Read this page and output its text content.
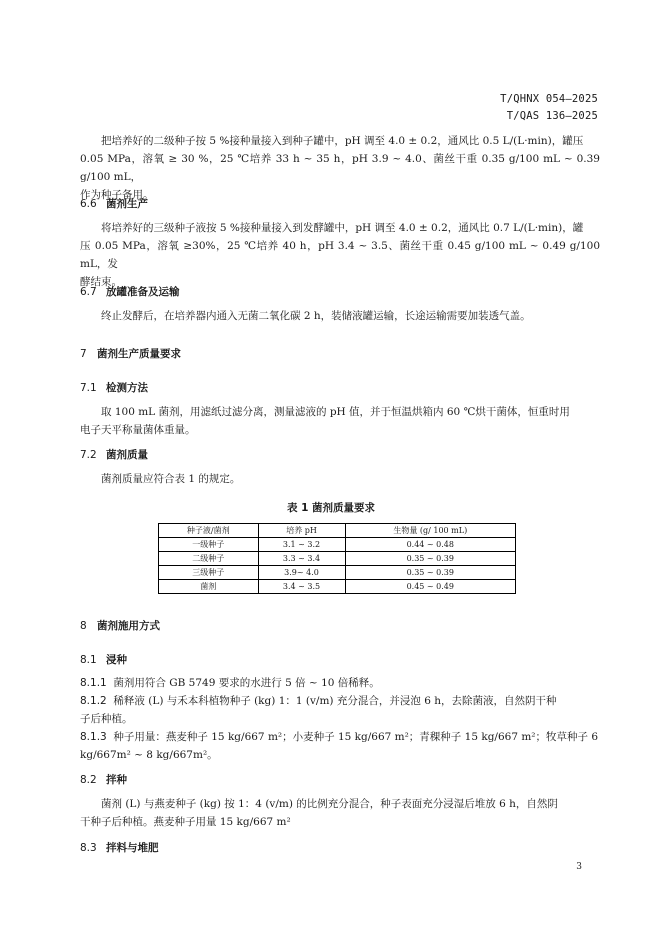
T/QHNX 054—2025
T/QAS 136—2025
把培养好的二级种子按 5 %接种量接入到种子罐中，pH 调至 4.0 ± 0.2，通风比 0.5 L/(L·min)，罐压
0.05 MPa，溶氧 ≥ 30 %，25 ℃培养 33 h ~ 35 h，pH 3.9 ~ 4.0、菌丝干重 0.35 g/100 mL ~ 0.39 g/100 mL，
作为种子备用。
6.6 菌剂生产
将培养好的三级种子液按 5 %接种量接入到发酵罐中，pH 调至 4.0 ± 0.2，通风比 0.7 L/(L·min)，罐
压 0.05 MPa，溶氧 ≥30%，25 ℃培养 40 h，pH 3.4 ~ 3.5、菌丝干重 0.45 g/100 mL ~ 0.49 g/100 mL，发
酵结束。
6.7 放罐准备及运输
终止发酵后，在培养器内通入无菌二氧化碳 2 h，装储液罐运输，长途运输需要加装透气盖。
7 菌剂生产质量要求
7.1 检测方法
取 100 mL 菌剂，用滤纸过滤分离，测量滤液的 pH 值，并于恒温烘箱内 60 ℃烘干菌体，恒重时用
电子天平称量菌体重量。
7.2 菌剂质量
菌剂质量应符合表 1 的规定。
表 1 菌剂质量要求
种子液/菌剂	培养 pH	生物量 (g/ 100 mL)
一级种子	3.1 ~ 3.2	0.44 ~ 0.48
二级种子	3.3 ~ 3.4	0.35 ~ 0.39
三级种子	3.9~ 4.0	0.35 ~ 0.39
菌剂	3.4 ~ 3.5	0.45 ~ 0.49
8 菌剂施用方式
8.1 浸种
8.1.1 菌剂用符合 GB 5749 要求的水进行 5 倍 ~ 10 倍稀释。
8.1.2 稀释液 (L) 与禾本科植物种子 (kg) 1：1 (v/m) 充分混合，并浸泡 6 h，去除菌液，自然阴干种
子后种植。
8.1.3 种子用量：燕麦种子 15 kg/667 m²；小麦种子 15 kg/667 m²；青稞种子 15 kg/667 m²；牧草种子 6
kg/667m² ~ 8 kg/667m²。
8.2 拌种
菌剂 (L) 与燕麦种子 (kg) 按 1：4 (v/m) 的比例充分混合，种子表面充分浸湿后堆放 6 h，自然阴
干种子后种植。燕麦种子用量 15 kg/667 m²
8.3 拌料与堆肥
3
